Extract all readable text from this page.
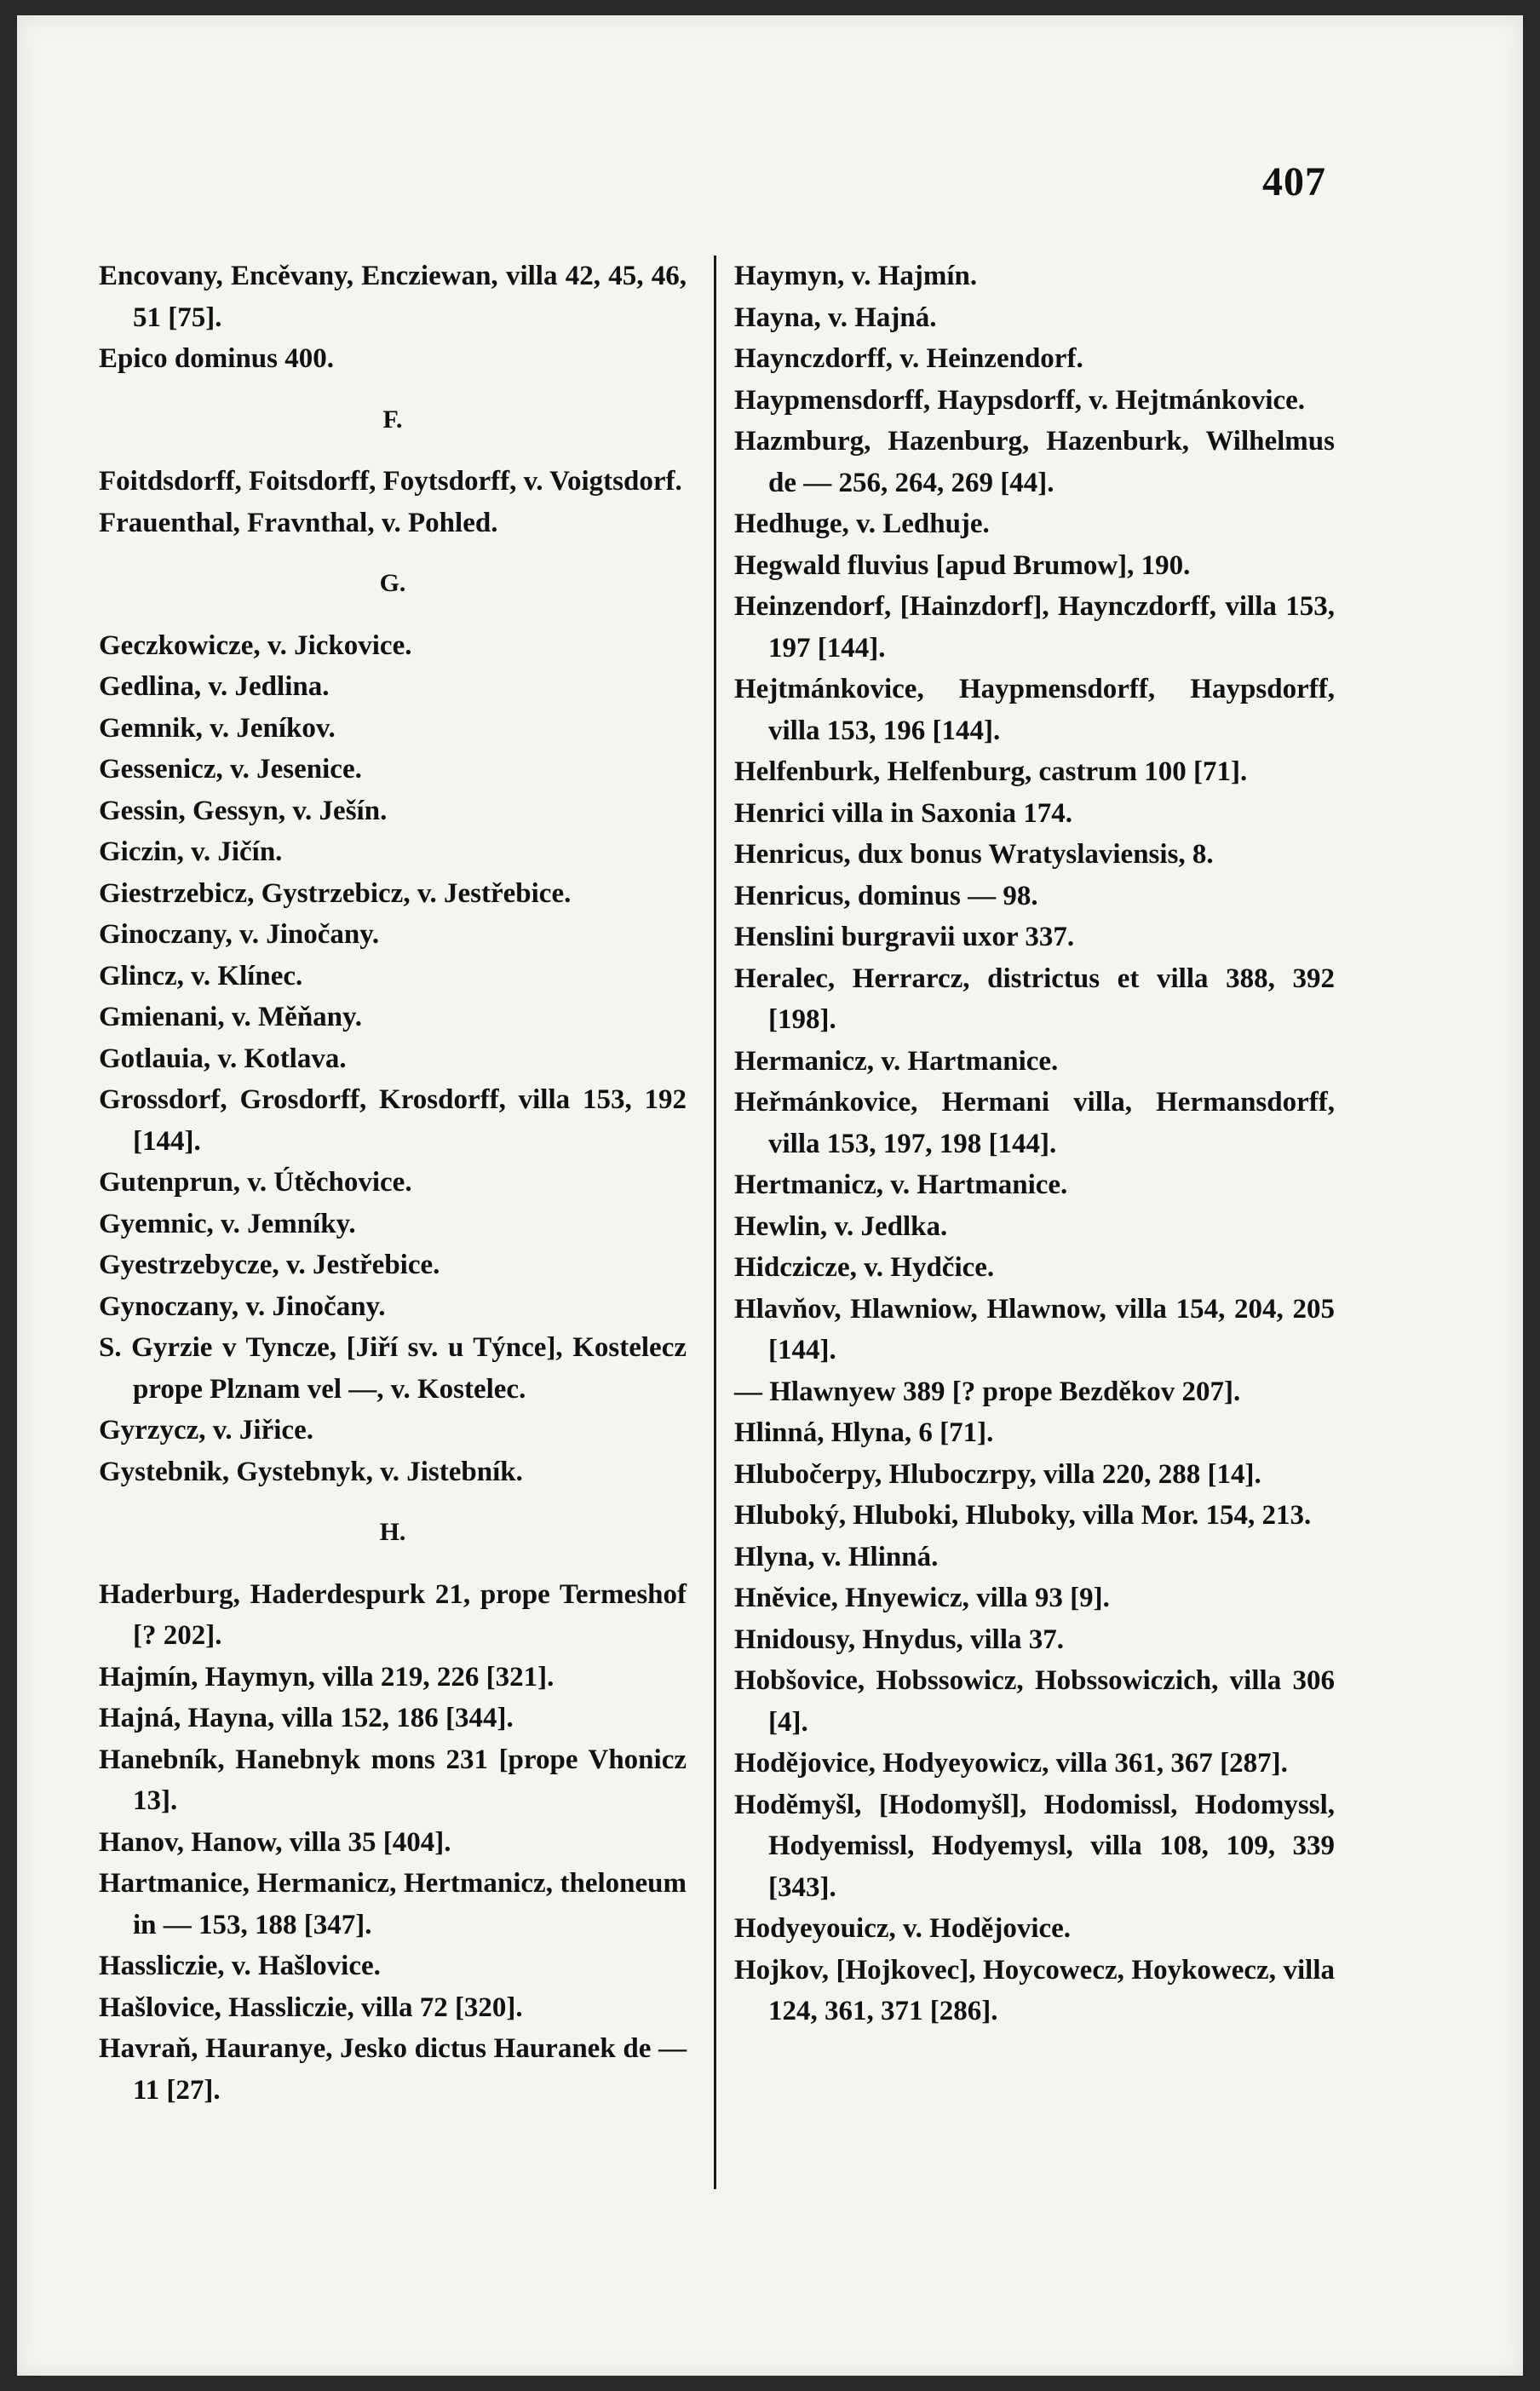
407
Encovany, Encěvany, Encziewan, villa 42, 45, 46, 51 [75].
Epico dominus 400.
F.
Foitdsdorff, Foitsdorff, Foytsdorff, v. Voigtsdorf.
Frauenthal, Fravnthal, v. Pohled.
G.
Geczkowicze, v. Jickovice.
Gedlina, v. Jedlina.
Gemnik, v. Jeníkov.
Gessenicz, v. Jesenice.
Gessin, Gessyn, v. Ješín.
Giczin, v. Jičín.
Giestrzebicz, Gystrzebicz, v. Jestřebice.
Ginoczany, v. Jinočany.
Glincz, v. Klínec.
Gmienani, v. Měňany.
Gotlauia, v. Kotlava.
Grossdorf, Grosdorff, Krosdorff, villa 153, 192 [144].
Gutenprun, v. Útěchovice.
Gyemnic, v. Jemníky.
Gyestrzebycze, v. Jestřebice.
Gynoczany, v. Jinočany.
S. Gyrzie v Tyncze, [Jiří sv. u Týnce], Kostelecz prope Plznam vel —, v. Kostelec.
Gyrzycz, v. Jiřice.
Gystebnik, Gystebnyk, v. Jistebník.
H.
Haderburg, Haderdespurk 21, prope Termeshof [? 202].
Hajmín, Haymyn, villa 219, 226 [321].
Hajná, Hayna, villa 152, 186 [344].
Hanebník, Hanebnyk mons 231 [prope Vhonicz 13].
Hanov, Hanow, villa 35 [404].
Hartmanice, Hermanicz, Hertmanicz, theloneum in — 153, 188 [347].
Hassliczie, v. Hašlovice.
Hašlovice, Hassliczie, villa 72 [320].
Havraň, Hauranye, Jesko dictus Hauranek de — 11 [27].
Haymyn, v. Hajmín.
Hayna, v. Hajná.
Haynczdorff, v. Heinzendorf.
Haypmensdorff, Haypsdorff, v. Hejtmánkovice.
Hazmburg, Hazenburg, Hazenburk, Wilhelmus de — 256, 264, 269 [44].
Hedhuge, v. Ledhuje.
Hegwald fluvius [apud Brumow], 190.
Heinzendorf, [Hainzdorf], Haynczdorff, villa 153, 197 [144].
Hejtmánkovice, Haypmensdorff, Haypsdorff, villa 153, 196 [144].
Helfenburk, Helfenburg, castrum 100 [71].
Henrici villa in Saxonia 174.
Henricus, dux bonus Wratyslaviensis, 8.
Henricus, dominus — 98.
Henslini burgravii uxor 337.
Heralec, Herrarcz, districtus et villa 388, 392 [198].
Hermanicz, v. Hartmanice.
Heřmánkovice, Hermani villa, Hermansdorff, villa 153, 197, 198 [144].
Hertmanicz, v. Hartmanice.
Hewlin, v. Jedlka.
Hidczicze, v. Hydčice.
Hlavňov, Hlawniow, Hlawnow, villa 154, 204, 205 [144].
— Hlawnyew 389 [? prope Bezděkov 207].
Hlinná, Hlyna, 6 [71].
Hlubočerpy, Hluboczrpy, villa 220, 288 [14].
Hluboký, Hluboki, Hluboky, villa Mor. 154, 213.
Hlyna, v. Hlinná.
Hněvice, Hnyewicz, villa 93 [9].
Hnidousy, Hnydus, villa 37.
Hobšovice, Hobssowicz, Hobssowiczich, villa 306 [4].
Hodějovice, Hodyeyowicz, villa 361, 367 [287].
Hoděmyšl, [Hodomyšl], Hodomissl, Hodomyssl, Hodyemissl, Hodyemysl, villa 108, 109, 339 [343].
Hodyeyouicz, v. Hodějovice.
Hojkov, [Hojkovec], Hoycowecz, Hoykowecz, villa 124, 361, 371 [286].
